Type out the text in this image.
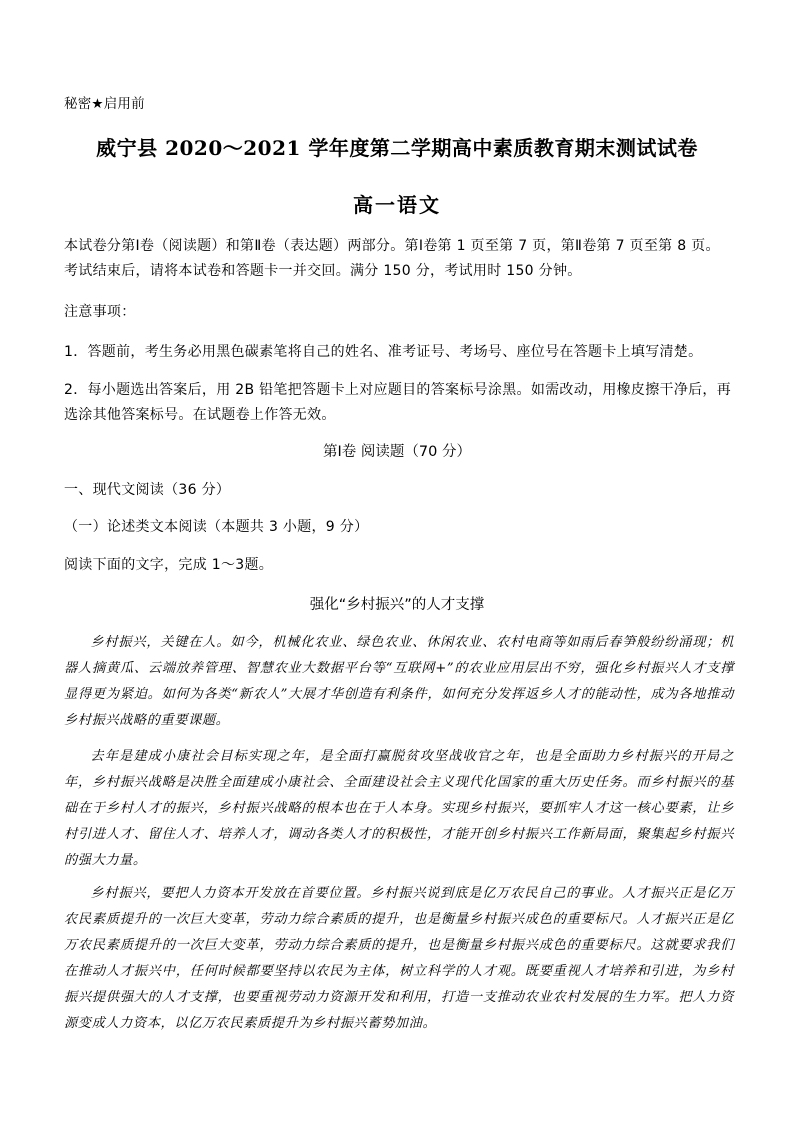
秘密★启用前
威宁县 2020～2021 学年度第二学期高中素质教育期末测试试卷
高一语文
本试卷分第Ⅰ卷（阅读题）和第Ⅱ卷（表达题）两部分。第Ⅰ卷第 1 页至第 7 页，第Ⅱ卷第 7 页至第 8 页。考试结束后，请将本试卷和答题卡一并交回。满分 150 分，考试用时 150 分钟。
注意事项：
1．答题前，考生务必用黑色碳素笔将自己的姓名、准考证号、考场号、座位号在答题卡上填写清楚。
2．每小题选出答案后，用 2B 铅笔把答题卡上对应题目的答案标号涂黑。如需改动，用橡皮擦干净后，再选涂其他答案标号。在试题卷上作答无效。
第Ⅰ卷 阅读题（70 分）
一、现代文阅读（36 分）
（一）论述类文本阅读（本题共 3 小题，9 分）
阅读下面的文字，完成 1～3题。
强化“乡村振兴”的人才支撑
乡村振兴，关键在人。如今，机械化农业、绿色农业、休闲农业、农村电商等如雨后春笋般纷纷涌现；机器人摘黄瓜、云端放养管理、智慧农业大数据平台等“互联网+”的农业应用层出不穷，强化乡村振兴人才支撑显得更为紧迫。如何为各类“新农人”大展才华创造有利条件，如何充分发挥返乡人才的能动性，成为各地推动乡村振兴战略的重要课题。
去年是建成小康社会目标实现之年，是全面打赢脱贫攻坚战收官之年，也是全面助力乡村振兴的开局之年，乡村振兴战略是决胜全面建成小康社会、全面建设社会主义现代化国家的重大历史任务。而乡村振兴的基础在于乡村人才的振兴，乡村振兴战略的根本也在于人本身。实现乡村振兴，要抓牢人才这一核心要素，让乡村引进人才、留住人才、培养人才，调动各类人才的积极性，才能开创乡村振兴工作新局面，聚集起乡村振兴的强大力量。
乡村振兴，要把人力资本开发放在首要位置。乡村振兴说到底是亿万农民自己的事业。人才振兴正是亿万农民素质提升的一次巨大变革，劳动力综合素质的提升，也是衡量乡村振兴成色的重要标尺。人才振兴正是亿万农民素质提升的一次巨大变革，劳动力综合素质的提升，也是衡量乡村振兴成色的重要标尺。这就要求我们在推动人才振兴中，任何时候都要坚持以农民为主体，树立科学的人才观。既要重视人才培养和引进，为乡村振兴提供强大的人才支撑，也要重视劳动力资源开发和利用，打造一支推动农业农村发展的生力军。把人力资源变成人力资本，以亿万农民素质提升为乡村振兴蓄势加油。
